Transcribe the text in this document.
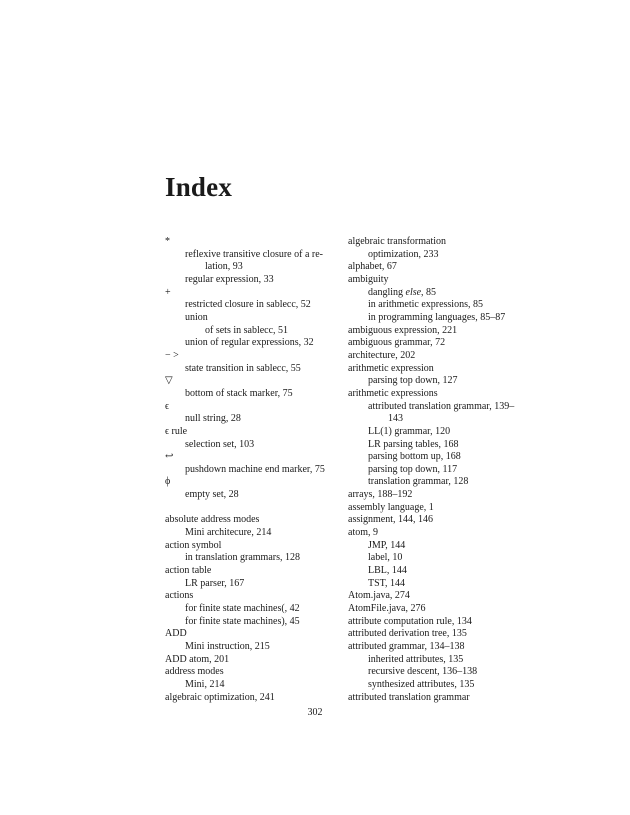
Index
*
reflexive transitive closure of a re-
lation, 93
regular expression, 33
+
restricted closure in sablecc, 52
union
of sets in sablecc, 51
union of regular expressions, 32
− >
state transition in sablecc, 55
▽
bottom of stack marker, 75
ϵ
null string, 28
ϵ rule
selection set, 103
↩
pushdown machine end marker, 75
ϕ
empty set, 28
absolute address modes
Mini architecure, 214
action symbol
in translation grammars, 128
action table
LR parser, 167
actions
for finite state machines(, 42
for finite state machines), 45
ADD
Mini instruction, 215
ADD atom, 201
address modes
Mini, 214
algebraic optimization, 241
algebraic transformation
optimization, 233
alphabet, 67
ambiguity
dangling else, 85
in arithmetic expressions, 85
in programming languages, 85–87
ambiguous expression, 221
ambiguous grammar, 72
architecture, 202
arithmetic expression
parsing top down, 127
arithmetic expressions
attributed translation grammar, 139–
143
LL(1) grammar, 120
LR parsing tables, 168
parsing bottom up, 168
parsing top down, 117
translation grammar, 128
arrays, 188–192
assembly language, 1
assignment, 144, 146
atom, 9
JMP, 144
label, 10
LBL, 144
TST, 144
Atom.java, 274
AtomFile.java, 276
attribute computation rule, 134
attributed derivation tree, 135
attributed grammar, 134–138
inherited attributes, 135
recursive descent, 136–138
synthesized attributes, 135
attributed translation grammar
302
